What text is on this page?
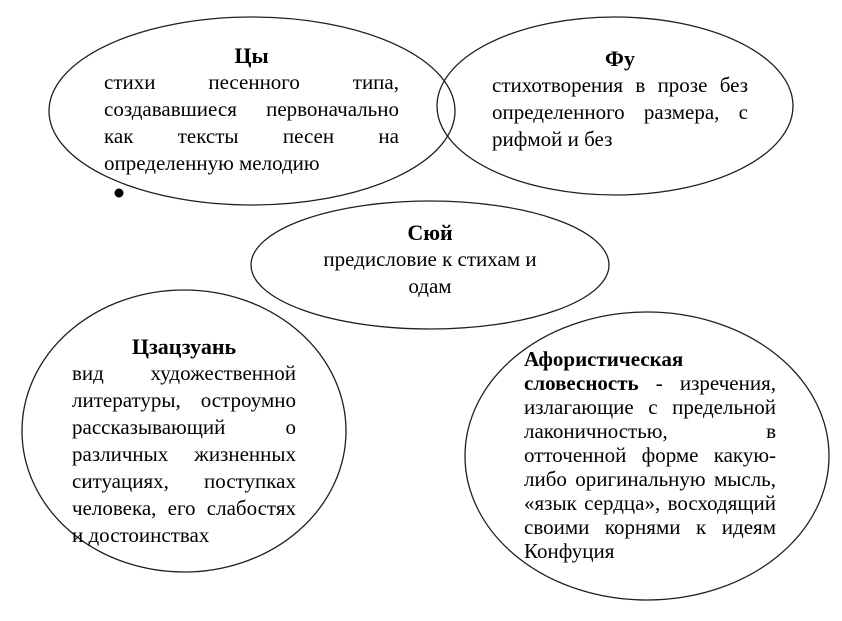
Цы

стихи песенного типа, создававшиеся первоначально как тексты песен на определенную мелодию

Фу

стихотворения в прозе без определенного размера, с рифмой и без

Сюй

предисловие к стихам и одам

Цзацзуань

вид художественной литературы, остроумно рассказывающий о различных жизненных ситуациях, поступках человека, его слабостях и достоинствах

Афористическая словесность - изречения, излагающие с предельной лаконичностью, в отточенной форме какую-либо оригинальную мысль, «язык сердца», восходящий своими корнями к идеям Конфуция
